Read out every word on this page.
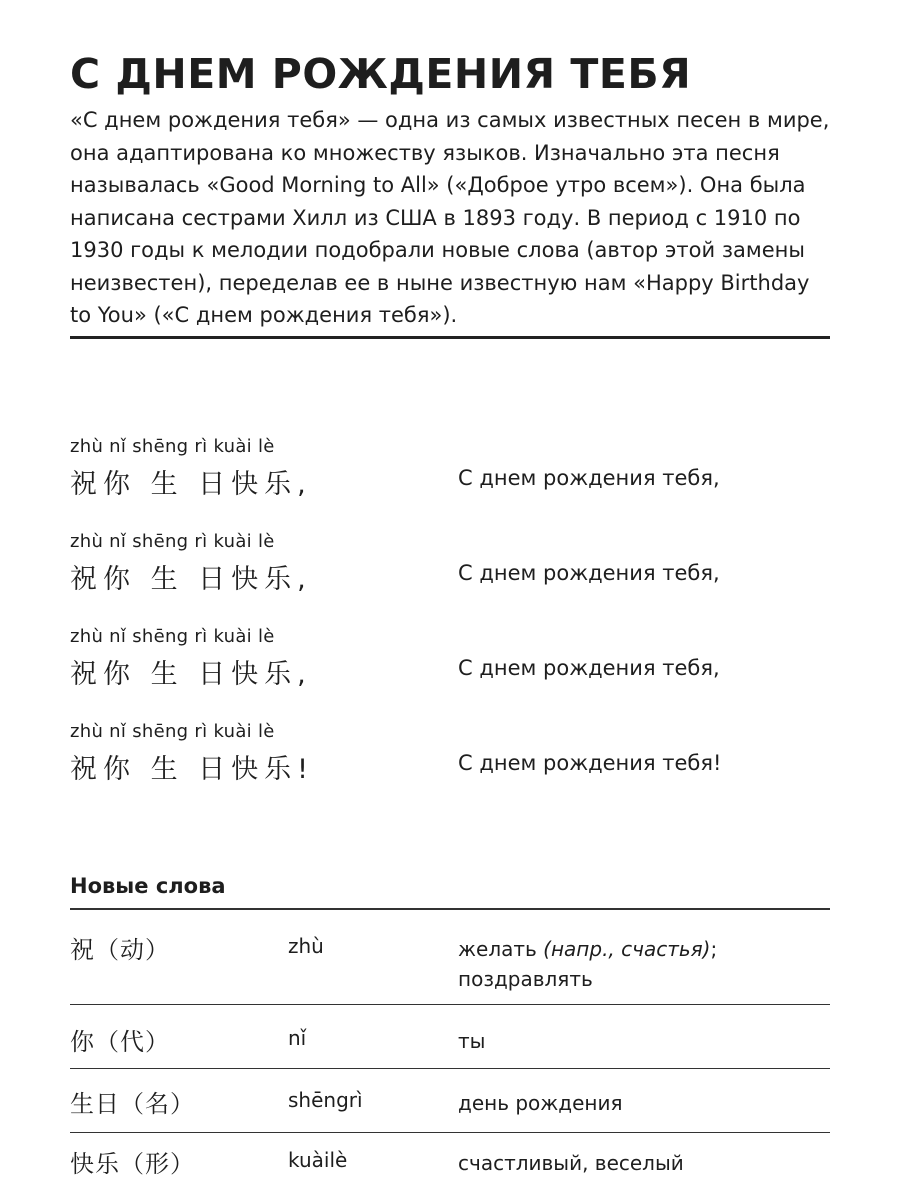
С ДНЕМ РОЖДЕНИЯ ТЕБЯ

«С днем рождения тебя» — одна из самых известных песен в мире, она адаптирована ко множеству языков. Изначально эта песня называлась «Good Morning to All» («Доброе утро всем»). Она была написана сестрами Хилл из США в 1893 году. В период с 1910 по 1930 годы к мелодии подобрали новые слова (автор этой замены неизвестен), переделав ее в ныне известную нам «Happy Birthday to You» («С днем рождения тебя»).

zhù nǐ shēng rì kuài lè
祝你 生 日快乐,	С днем рождения тебя,
zhù nǐ shēng rì kuài lè
祝你 生 日快乐,	С днем рождения тебя,
zhù nǐ shēng rì kuài lè
祝你 生 日快乐,	С днем рождения тебя,
zhù nǐ shēng rì kuài lè
祝你 生 日快乐!	С днем рождения тебя!
Новые слова
祝（动）	zhù	желать (напр., счастья);
поздравлять
你（代）	nǐ	ты
生日（名）	shēngrì	день рождения
快乐（形）	kuàilè	счастливый, веселый
